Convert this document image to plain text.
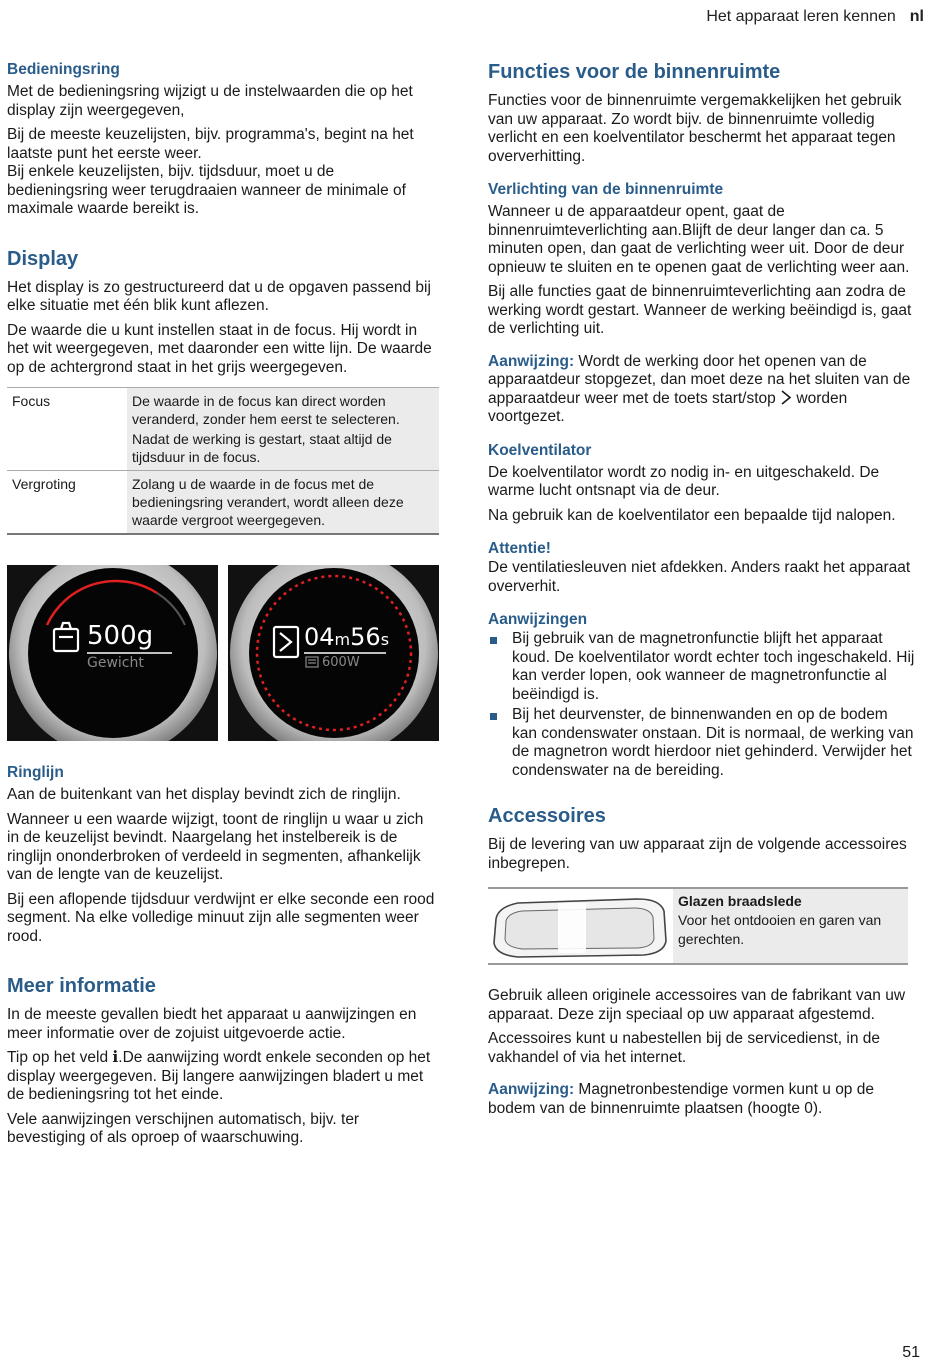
Het apparaat leren kennen nl
Bedieningsring

Met de bedieningsring wijzigt u de instelwaarden die op het display zijn weergegeven,

Bij de meeste keuzelijsten, bijv. programma's, begint na het laatste punt het eerste weer.

Bij enkele keuzelijsten, bijv. tijdsduur, moet u de bedieningsring weer terugdraaien wanneer de minimale of maximale waarde bereikt is.

Display

Het display is zo gestructureerd dat u de opgaven passend bij elke situatie met één blik kunt aflezen.

De waarde die u kunt instellen staat in de focus. Hij wordt in het wit weergegeven, met daaronder een witte lijn. De waarde op de achtergrond staat in het grijs weergegeven.

Focus	De waarde in de focus kan direct worden veranderd, zonder hem eerst te selecteren.
Nadat de werking is gestart, staat altijd de tijdsduur in de focus.

Vergroting	Zolang u de waarde in de focus met de bedieningsring verandert, wordt alleen deze waarde vergroot weergegeven.
500g
Gewicht
04m56s
600W
Ringlijn

Aan de buitenkant van het display bevindt zich de ringlijn.

Wanneer u een waarde wijzigt, toont de ringlijn u waar u zich in de keuzelijst bevindt. Naargelang het instelbereik is de ringlijn ononderbroken of verdeeld in segmenten, afhankelijk van de lengte van de keuzelijst.

Bij een aflopende tijdsduur verdwijnt er elke seconde een rood segment. Na elke volledige minuut zijn alle segmenten weer rood.

Meer informatie

In de meeste gevallen biedt het apparaat u aanwijzingen en meer informatie over de zojuist uitgevoerde actie.

Tip op het veld ℹ.De aanwijzing wordt enkele seconden op het display weergegeven. Bij langere aanwijzingen bladert u met de bedieningsring tot het einde.

Vele aanwijzingen verschijnen automatisch, bijv. ter bevestiging of als oproep of waarschuwing.

Functies voor de binnenruimte

Functies voor de binnenruimte vergemakkelijken het gebruik van uw apparaat. Zo wordt bijv. de binnenruimte volledig verlicht en een koelventilator beschermt het apparaat tegen oververhitting.

Verlichting van de binnenruimte

Wanneer u de apparaatdeur opent, gaat de binnenruimteverlichting aan.Blijft de deur langer dan ca. 5 minuten open, dan gaat de verlichting weer uit. Door de deur opnieuw te sluiten en te openen gaat de verlichting weer aan.

Bij alle functies gaat de binnenruimteverlichting aan zodra de werking wordt gestart. Wanneer de werking beëindigd is, gaat de verlichting uit.

Aanwijzing: Wordt de werking door het openen van de apparaatdeur stopgezet, dan moet deze na het sluiten van de apparaatdeur weer met de toets start/stop  worden voortgezet.

Koelventilator

De koelventilator wordt zo nodig in- en uitgeschakeld. De warme lucht ontsnapt via de deur.

Na gebruik kan de koelventilator een bepaalde tijd nalopen.

Attentie!

De ventilatiesleuven niet afdekken. Anders raakt het apparaat oververhit.

Aanwijzingen
Bij gebruik van de magnetronfunctie blijft het apparaat koud. De koelventilator wordt echter toch ingeschakeld. Hij kan verder lopen, ook wanneer de magnetronfunctie al beëindigd is.
Bij het deurvenster, de binnenwanden en op de bodem kan condenswater onstaan. Dit is normaal, de werking van de magnetron wordt hierdoor niet gehinderd. Verwijder het condenswater na de bereiding.
Accessoires

Bij de levering van uw apparaat zijn de volgende accessoires inbegrepen.

Glazen braadslede
Voor het ontdooien en garen van gerechten.

Gebruik alleen originele accessoires van de fabrikant van uw apparaat. Deze zijn speciaal op uw apparaat afgestemd.

Accessoires kunt u nabestellen bij de servicedienst, in de vakhandel of via het internet.

Aanwijzing: Magnetronbestendige vormen kunt u op de bodem van de binnenruimte plaatsen (hoogte 0).

51
